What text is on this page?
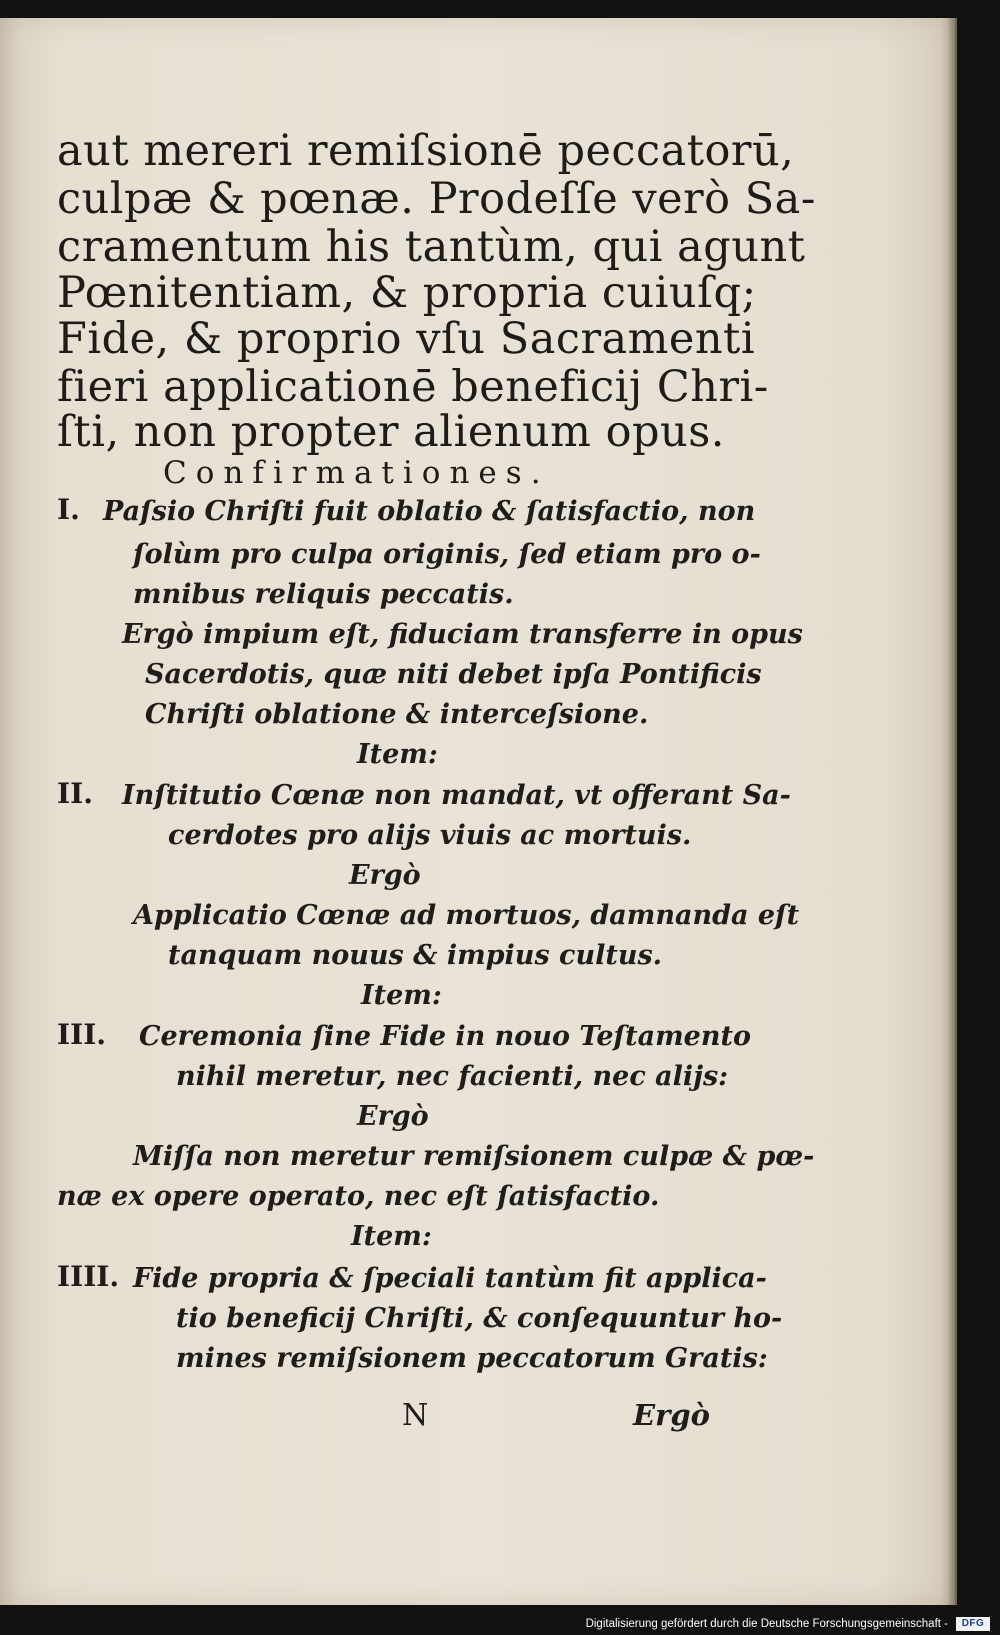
aut mereri remiſsionē peccatorū,
culpæ & pœnæ. Prodeſſe verò Sa-
cramentum his tantùm, qui agunt
Pœnitentiam, & propria cuiuſq;
Fide, & proprio vſu Sacramenti
fieri applicationē beneficij Chri-
ſti, non propter alienum opus.
Confirmationes.
I. Paſsio Chriſti fuit oblatio & ſatisfactio, non
ſolùm pro culpa originis, ſed etiam pro o-
mnibus reliquis peccatis.
Ergò impium eſt, fiduciam transferre in opus
Sacerdotis, quæ niti debet ipſa Pontificis
Chriſti oblatione & interceſsione.
Item:
II. Inſtitutio Cœnæ non mandat, vt offerant Sa-
cerdotes pro alijs viuis ac mortuis.
Ergò
Applicatio Cœnæ ad mortuos, damnanda eſt
tanquam nouus & impius cultus.
Item:
III. Ceremonia ſine Fide in nouo Teſtamento
nihil meretur, nec facienti, nec alijs:
Ergò
Miſſa non meretur remiſsionem culpæ & pœ-
næ ex opere operato, nec eſt ſatisfactio.
Item:
IIII. Fide propria & ſpeciali tantùm fit applica-
tio beneficij Chriſti, & conſequuntur ho-
mines remiſsionem peccatorum Gratis:
N	Ergò
Digitalisierung gefördert durch die Deutsche Forschungsgemeinschaft -	DFG
